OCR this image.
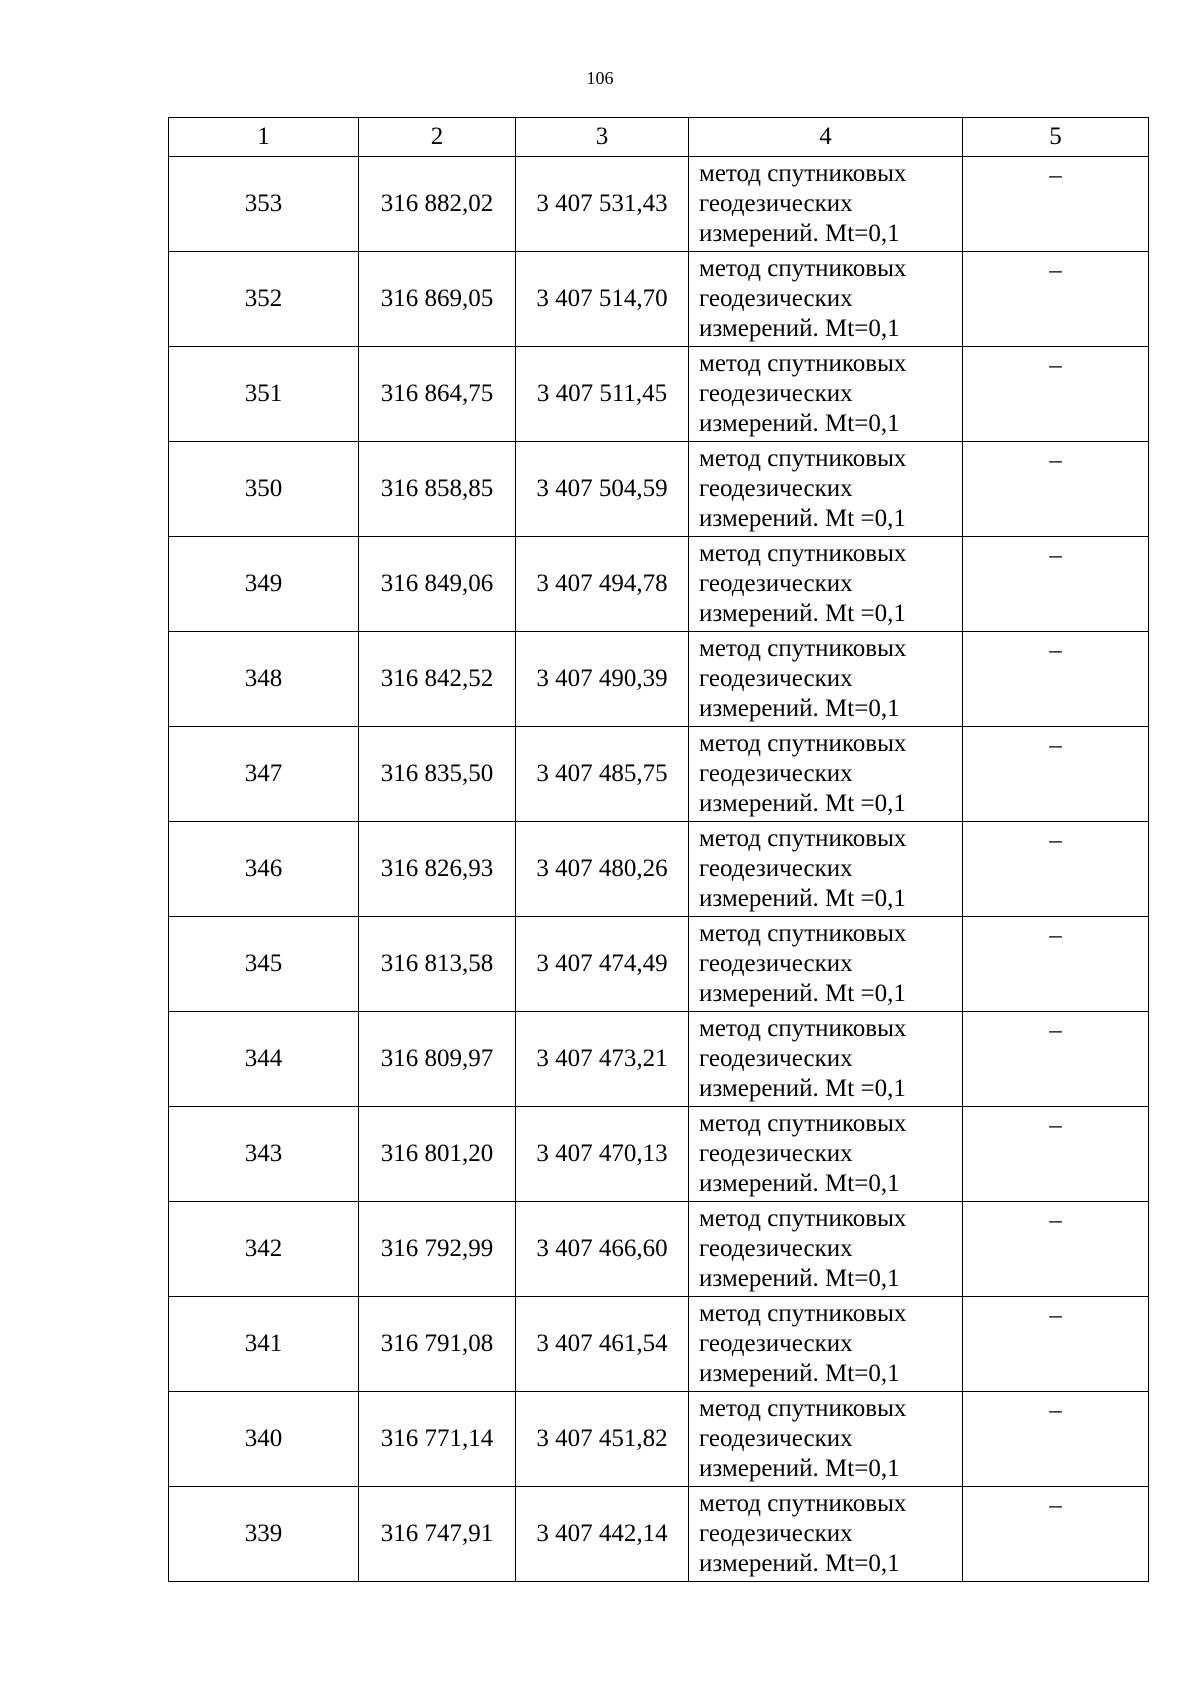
106
1	2	3	4	5
353	316 882,02	3 407 531,43	метод спутниковых
геодезических
измерений. Mt=0,1	–
352	316 869,05	3 407 514,70	метод спутниковых
геодезических
измерений. Mt=0,1	–
351	316 864,75	3 407 511,45	метод спутниковых
геодезических
измерений. Mt=0,1	–
350	316 858,85	3 407 504,59	метод спутниковых
геодезических
измерений. Mt =0,1	–
349	316 849,06	3 407 494,78	метод спутниковых
геодезических
измерений. Mt =0,1	–
348	316 842,52	3 407 490,39	метод спутниковых
геодезических
измерений. Mt=0,1	–
347	316 835,50	3 407 485,75	метод спутниковых
геодезических
измерений. Mt =0,1	–
346	316 826,93	3 407 480,26	метод спутниковых
геодезических
измерений. Mt =0,1	–
345	316 813,58	3 407 474,49	метод спутниковых
геодезических
измерений. Mt =0,1	–
344	316 809,97	3 407 473,21	метод спутниковых
геодезических
измерений. Mt =0,1	–
343	316 801,20	3 407 470,13	метод спутниковых
геодезических
измерений. Mt=0,1	–
342	316 792,99	3 407 466,60	метод спутниковых
геодезических
измерений. Mt=0,1	–
341	316 791,08	3 407 461,54	метод спутниковых
геодезических
измерений. Mt=0,1	–
340	316 771,14	3 407 451,82	метод спутниковых
геодезических
измерений. Mt=0,1	–
339	316 747,91	3 407 442,14	метод спутниковых
геодезических
измерений. Mt=0,1	–
